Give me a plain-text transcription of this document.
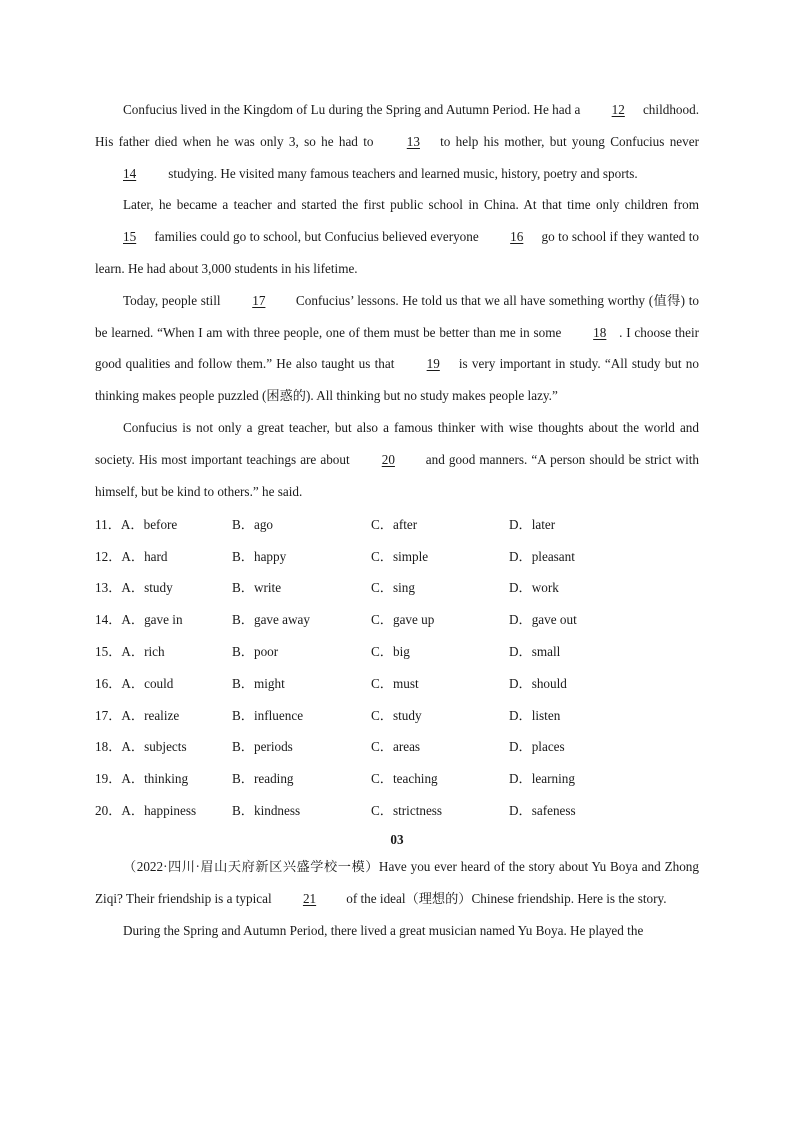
Confucius lived in the Kingdom of Lu during the Spring and Autumn Period. He had a 12 childhood. His father died when he was only 3, so he had to 13 to help his mother, but young Confucius never 14 studying. He visited many famous teachers and learned music, history, poetry and sports.

Later, he became a teacher and started the first public school in China. At that time only children from 15 families could go to school, but Confucius believed everyone 16 go to school if they wanted to learn. He had about 3,000 students in his lifetime.

Today, people still 17 Confucius’ lessons. He told us that we all have something worthy (值得) to be learned. “When I am with three people, one of them must be better than me in some 18 . I choose their good qualities and follow them.” He also taught us that 19 is very important in study. “All study but no thinking makes people puzzled (困惑的). All thinking but no study makes people lazy.”

Confucius is not only a great teacher, but also a famous thinker with wise thoughts about the world and society. His most important teachings are about 20 and good manners. “A person should be strict with himself, but be kind to others.” he said.

11．A．before	B．ago	C．after	D．later
12．A．hard	B．happy	C．simple	D．pleasant
13．A．study	B．write	C．sing	D．work
14．A．gave in	B．gave away	C．gave up	D．gave out
15．A．rich	B．poor	C．big	D．small
16．A．could	B．might	C．must	D．should
17．A．realize	B．influence	C．study	D．listen
18．A．subjects	B．periods	C．areas	D．places
19．A．thinking	B．reading	C．teaching	D．learning
20．A．happiness	B．kindness	C．strictness	D．safeness
03

（2022·四川·眉山天府新区兴盛学校一模）Have you ever heard of the story about Yu Boya and Zhong Ziqi? Their friendship is a typical 21 of the ideal（理想的）Chinese friendship. Here is the story.

During the Spring and Autumn Period, there lived a great musician named Yu Boya. He played the
